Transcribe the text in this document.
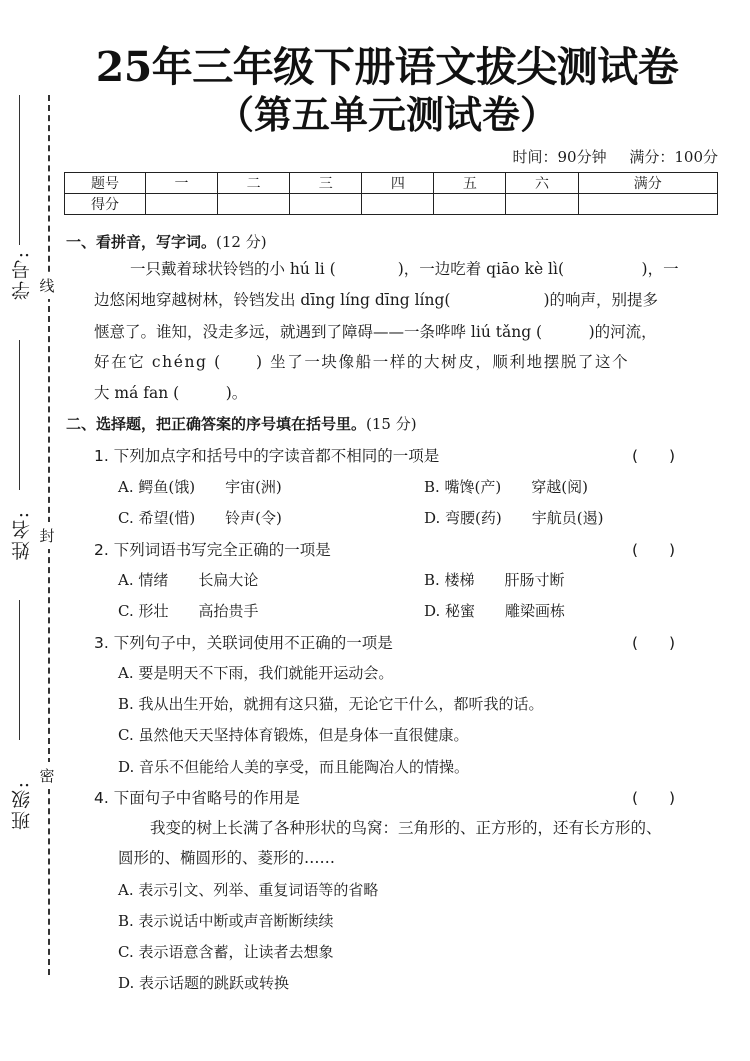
25年三年级下册语文拔尖测试卷
（第五单元测试卷）
时间：90分钟 满分：100分
题号	一	二	三	四	五	六	满分
得分							
学号:
姓名:
班级:
线
封
密
一、看拼音，写字词。(12 分)
一只戴着球状铃铛的小 hú li (　　　　)，一边吃着 qiāo kè lì(　　　　　)，一
边悠闲地穿越树林，铃铛发出 dīng líng dīng líng(　　　　　　)的响声，别提多
惬意了。谁知，没走多远，就遇到了障碍——一条哗哗 liú tǎng (　　　)的河流，
好在它 chéng (　　) 坐了一块像船一样的大树皮，顺利地摆脱了这个
大 má fan (　　　)。
二、选择题，把正确答案的序号填在括号里。(15 分)
1. 下列加点字和括号中的字读音都不相同的一项是	(　　)
A. 鳄鱼(饿)　　宇宙(洲)	B. 嘴馋(产)　　穿越(阅)
C. 希望(惜)　　铃声(令)	D. 弯腰(药)　　宇航员(遏)
2. 下列词语书写完全正确的一项是	(　　)
A. 情绪　　长扁大论	B. 楼梯　　肝肠寸断
C. 形壮　　高抬贵手	D. 秘蜜　　雕梁画栋
3. 下列句子中，关联词使用不正确的一项是	(　　)
A. 要是明天不下雨，我们就能开运动会。
B. 我从出生开始，就拥有这只猫，无论它干什么，都听我的话。
C. 虽然他天天坚持体育锻炼，但是身体一直很健康。
D. 音乐不但能给人美的享受，而且能陶冶人的情操。
4. 下面句子中省略号的作用是	(　　)
我变的树上长满了各种形状的鸟窝：三角形的、正方形的，还有长方形的、
圆形的、椭圆形的、菱形的……
A. 表示引文、列举、重复词语等的省略
B. 表示说话中断或声音断断续续
C. 表示语意含蓄，让读者去想象
D. 表示话题的跳跃或转换
